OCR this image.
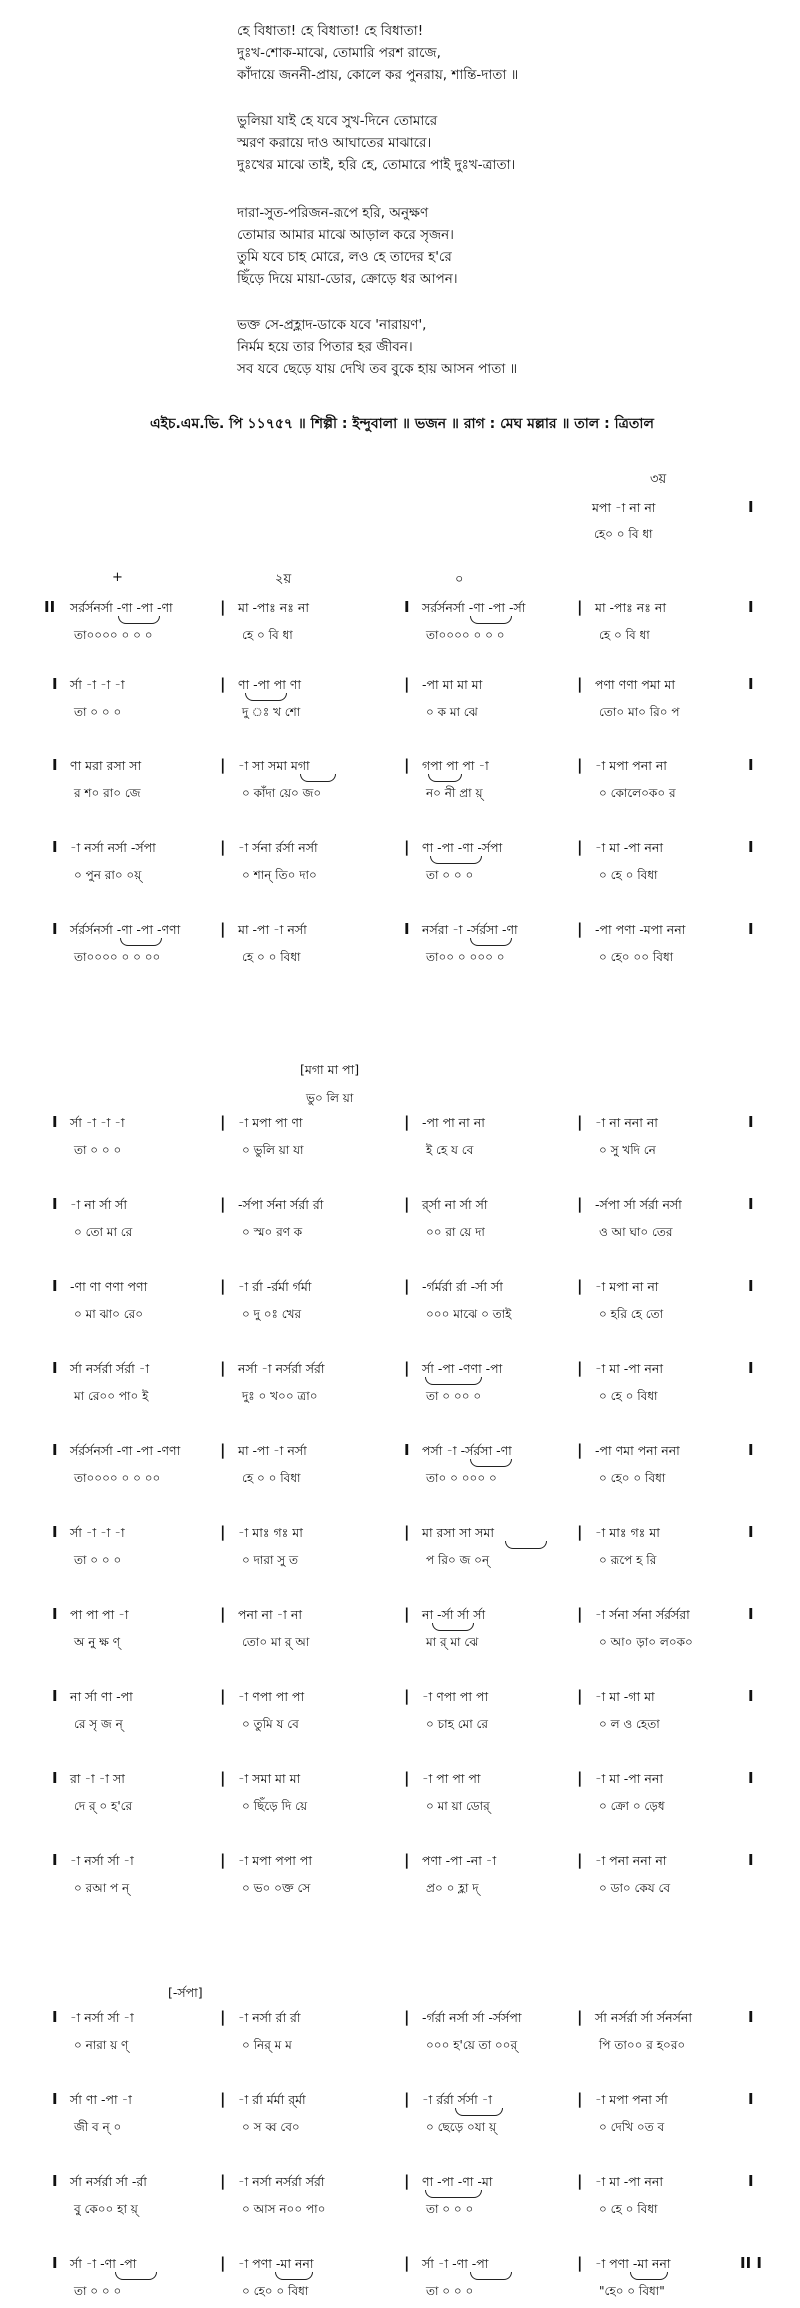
হে বিধাতা! হে বিধাতা! হে বিধাতা!
দুঃখ-শোক-মাঝে, তোমারি পরশ রাজে,
কাঁদায়ে জননী-প্রায়, কোলে কর পুনরায়, শান্তি-দাতা ॥
ভুলিয়া যাই হে যবে সুখ-দিনে তোমারে
স্মরণ করায়ে দাও আঘাতের মাঝারে।
দুঃখের মাঝে তাই, হরি হে, তোমারে পাই দুঃখ-ত্রাতা।
দারা-সুত-পরিজন-রূপে হরি, অনুক্ষণ
তোমার আমার মাঝে আড়াল করে সৃজন।
তুমি যবে চাহ মোরে, লও হে তাদের হ'রে
ছিঁড়ে দিয়ে মায়া-ডোর, ক্রোড়ে ধর আপন।
ভক্ত সে-প্রহ্লাদ-ডাকে যবে 'নারায়ণ',
নির্মম হয়ে তার পিতার হর জীবন।
সব যবে ছেড়ে যায় দেখি তব বুকে হায় আসন পাতা ॥
এইচ.এম.ভি. পি ১১৭৫৭ ॥ শিল্পী : ইন্দুবালা ॥ ভজন ॥ রাগ : মেঘ মল্লার ॥ তাল : ত্রিতাল
৩য়
মপা -া না না	I
হে০ ০ বি ধা
+	২য়	০
[মগা মা পা]
ভু০ লি য়া
[-র্সপা]
II	|	I	|	I
সর্রর্সনর্সা -ণা -পা -ণা	মা -পাঃ নঃ না	সর্রর্সনর্সা -ণা -পা -র্সা	মা -পাঃ নঃ না
তা০০০০ ০ ০ ০	হে ০ বি ধা	তা০০০০ ০ ০ ০	হে ০ বি ধা
I	|	|	|	I
র্সা -া -া -া	ণা -পা পা ণা	-পা মা মা মা	পণা ণণা পমা মা
তা ০ ০ ০	দু ঃ খ শো	০ ক মা ঝে	তো০ মা০ রি০ প
I	|	|	|	I
ণা মরা রসা সা	-া সা সমা মগা	গপা পা পা -া	-া মপা পনা না
র শ০ রা০ জে	০ কাঁদা য়ে০ জ০	ন০ নী প্রা য়্	০ কোলে০ক০ র
I	|	|	|	I
-া নর্সা নর্সা -র্সপা	-া র্সনা র্রর্সা নর্সা	ণা -পা -ণা -র্সপা	-া মা -পা ননা
০ পুন রা০ ০য়্	০ শান্ তি০ দা০	তা ০ ০ ০	০ হে ০ বিধা
I	|	I	|	I
র্সর্রর্সনর্সা -ণা -পা -ণণা	মা -পা -া নর্সা	নর্সরা -া -র্সর্রসা -ণা	-পা পণা -মপা ননা
তা০০০০ ০ ০ ০০	হে ০ ০ বিধা	তা০০ ০ ০০০ ০	০ হে০ ০০ বিধা
I	|	|	|	I
র্সা -া -া -া	-া মপা পা ণা	-পা পা না না	-া না ননা না
তা ০ ০ ০	০ ভুলি য়া যা	ই হে য বে	০ সু খদি নে
I	|	|	|	I
-া না র্সা র্সা	-র্সপা র্সনা র্সর্রা র্রা	র্র্সা না র্সা র্সা	-র্সপা র্সা র্সর্রা নর্সা
০ তো মা রে	০ স্ম০ রণ ক	০০ রা য়ে দা	ও আ ঘা০ তের
I	|	|	|	I
-ণা ণা ণণা পণা	-া র্রা -র্রর্মা র্গর্মা	-র্গর্মর্রা র্রা -র্সা র্সা	-া মপা না না
০ মা ঝা০ রে০	০ দু ০ঃ খের	০০০ মাঝে ০ তাই	০ হরি হে তো
I	|	|	|	I
র্সা নর্সর্রা র্সর্রা -া	নর্সা -া নর্সর্রা র্সর্রা	র্সা -পা -ণণা -পা	-া মা -পা ননা
মা রে০০ পা০ ই	দুঃ ০ খ০০ ত্রা০	তা ০ ০০ ০	০ হে ০ বিধা
I	|	I	|	I
র্সর্রর্সনর্সা -ণা -পা -ণণা	মা -পা -া নর্সা	পর্সা -া -র্সর্রসা -ণা	-পা ণমা পনা ননা
তা০০০০ ০ ০ ০০	হে ০ ০ বিধা	তা০ ০ ০০০ ০	০ হে০ ০ বিধা
I	|	|	|	I
র্সা -া -া -া	-া মাঃ গঃ মা	মা রসা সা সমা	-া মাঃ গঃ মা
তা ০ ০ ০	০ দারা সু ত	প রি০ জ ০ন্	০ রূপে হ রি
I	|	|	|	I
পা পা পা -া	পনা না -া না	না -র্সা র্সা র্সা	-া র্সনা র্সনা র্সর্রর্সরা
অ নু ক্ষ ণ্	তো০ মা র্ আ	মা র্ মা ঝে	০ আ০ ড়া০ ল০ক০
I	|	|	|	I
না র্সা ণা -পা	-া ণপা পা পা	-া ণপা পা পা	-া মা -গা মা
রে সৃ জ ন্	০ তুমি য বে	০ চাহ মো রে	০ ল ও হেতা
I	|	|	|	I
রা -া -া সা	-া সমা মা মা	-া পা পা পা	-া মা -পা ননা
দে র্ ০ হ'রে	০ ছিঁড়ে দি য়ে	০ মা য়া ডোর্	০ ক্রো ০ ড়েধ
I	|	|	|	I
-া নর্সা র্সা -া	-া মপা পপা পা	পণা -পা -না -া	-া পনা ননা না
০ রআ প ন্	০ ভ০ ০ক্ত সে	প্র০ ০ হ্লা দ্	০ ডা০ কেয বে
I	|	|	|	I
-া নর্সা র্সা -া	-া নর্সা র্রা র্রা	-র্গর্রা নর্সা র্সা -র্সর্সপা	র্সা নর্সর্রা র্সা র্সনর্সনা
০ নারা য় ণ্	০ নির্ ম ম	০০০ হ'য়ে তা ০০র্	পি তা০০ র হ০র০
I	|	|	|	I
র্সা ণা -পা -া	-া র্রা র্মর্মা র্র্মা	-া র্রর্রা র্সর্সা -া	-া মপা পনা র্সা
জী ব ন্ ০	০ স ব্ব বে০	০ ছেড়ে ০যা য়্	০ দেখি ০ত ব
I	|	|	|	I
র্সা নর্সর্রা র্সা -র্রা	-া নর্সা নর্সর্রা র্সর্রা	ণা -পা -ণা -মা	-া মা -পা ননা
বু কে০০ হা য়্	০ আস ন০০ পা০	তা ০ ০ ০	০ হে ০ বিধা
I	|	|	|	II I
র্সা -া -ণা -পা	-া পণা -মা ননা	র্সা -া -ণা -পা	-া পণা -মা ননা
তা ০ ০ ০	০ হে০ ০ বিধা	তা ০ ০ ০	"হে০ ০ বিধা"
